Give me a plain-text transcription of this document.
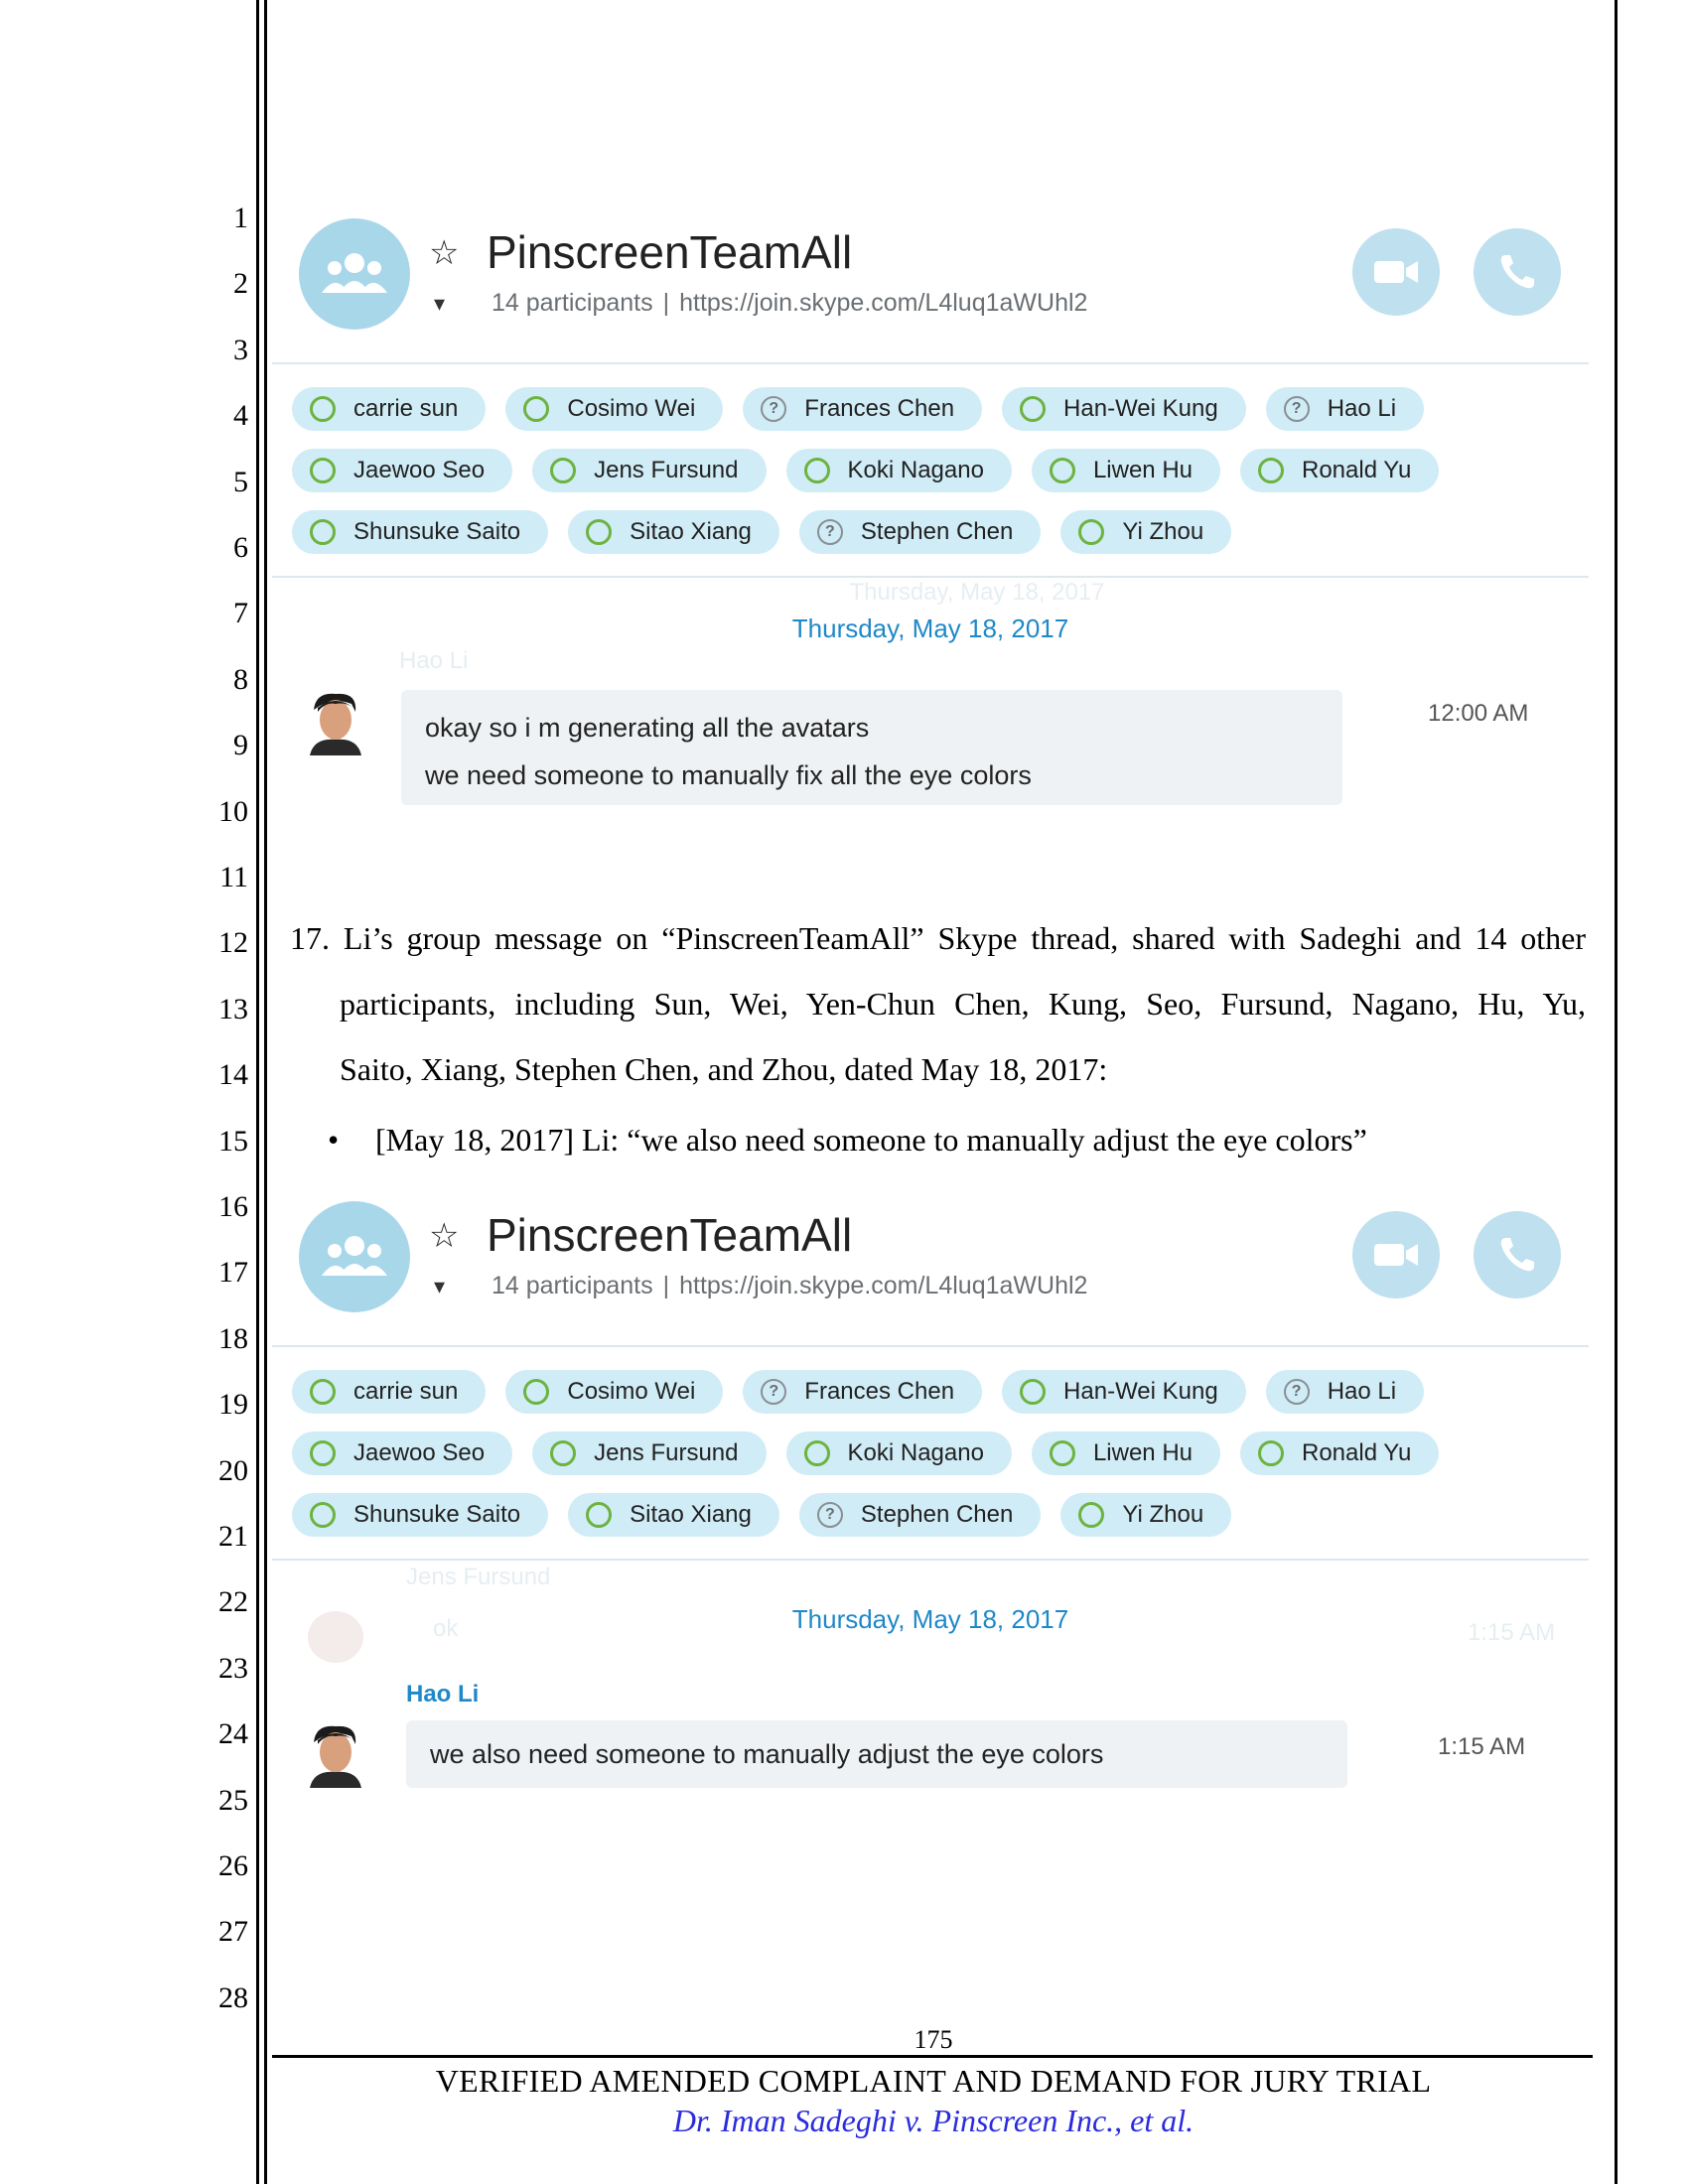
1
2
3
4
5
6
7
8
9
10
11
12
13
14
15
16
17
18
19
20
21
22
23
24
25
26
27
28
☆ PinscreenTeamAll
▾ 14 participants | https://join.skype.com/L4luq1aWUhl2
carrie sun	Cosimo Wei	?	Frances Chen	Han-Wei Kung	?	Hao Li
Jaewoo Seo	Jens Fursund	Koki Nagano	Liwen Hu	Ronald Yu
Shunsuke Saito	Sitao Xiang	?	Stephen Chen	Yi Zhou
Thursday, May 18, 2017
Thursday, May 18, 2017
Hao Li
okay so i m generating all the avatars
we need someone to manually fix all the eye colors
12:00 AM
17. Li’s group message on “PinscreenTeamAll” Skype thread, shared with Sadeghi and 14 other
participants, including Sun, Wei, Yen-Chun Chen, Kung, Seo, Fursund, Nagano, Hu, Yu,
Saito, Xiang, Stephen Chen, and Zhou, dated May 18, 2017:
• [May 18, 2017] Li: “we also need someone to manually adjust the eye colors”
☆ PinscreenTeamAll
▾ 14 participants | https://join.skype.com/L4luq1aWUhl2
carrie sun	Cosimo Wei	?	Frances Chen	Han-Wei Kung	?	Hao Li
Jaewoo Seo	Jens Fursund	Koki Nagano	Liwen Hu	Ronald Yu
Shunsuke Saito	Sitao Xiang	?	Stephen Chen	Yi Zhou
Jens Fursund
ok	1:15 AM
Thursday, May 18, 2017
Hao Li
we also need someone to manually adjust the eye colors	1:15 AM
175
VERIFIED AMENDED COMPLAINT AND DEMAND FOR JURY TRIAL
Dr. Iman Sadeghi v. Pinscreen Inc., et al.
